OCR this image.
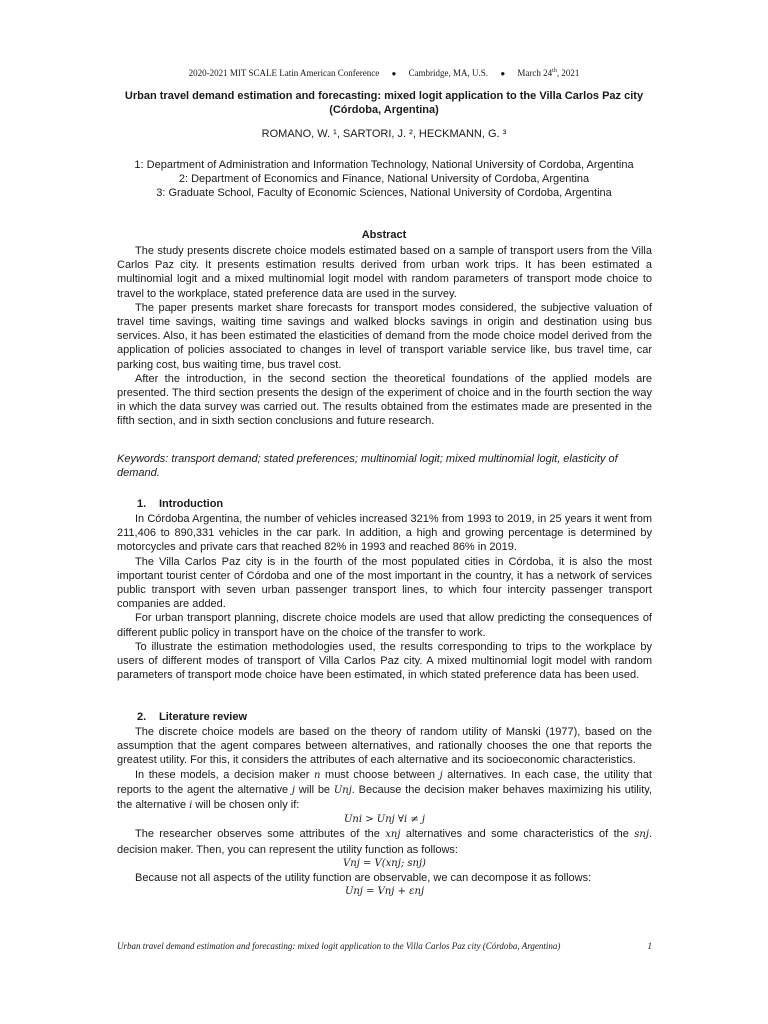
2020-2021 MIT SCALE Latin American Conference ● Cambridge, MA, U.S. ● March 24th, 2021
Urban travel demand estimation and forecasting: mixed logit application to the Villa Carlos Paz city (Córdoba, Argentina)
ROMANO, W. ¹, SARTORI, J. ², HECKMANN, G. ³
1: Department of Administration and Information Technology, National University of Cordoba, Argentina
2: Department of Economics and Finance, National University of Cordoba, Argentina
3: Graduate School, Faculty of Economic Sciences, National University of Cordoba, Argentina
Abstract

The study presents discrete choice models estimated based on a sample of transport users from the Villa Carlos Paz city. It presents estimation results derived from urban work trips. It has been estimated a multinomial logit and a mixed multinomial logit model with random parameters of transport mode choice to travel to the workplace, stated preference data are used in the survey.

The paper presents market share forecasts for transport modes considered, the subjective valuation of travel time savings, waiting time savings and walked blocks savings in origin and destination using bus services. Also, it has been estimated the elasticities of demand from the mode choice model derived from the application of policies associated to changes in level of transport variable service like, bus travel time, car parking cost, bus waiting time, bus travel cost.

After the introduction, in the second section the theoretical foundations of the applied models are presented. The third section presents the design of the experiment of choice and in the fourth section the way in which the data survey was carried out. The results obtained from the estimates made are presented in the fifth section, and in sixth section conclusions and future research.

Keywords: transport demand; stated preferences; multinomial logit; mixed multinomial logit, elasticity of demand.
1. Introduction

In Córdoba Argentina, the number of vehicles increased 321% from 1993 to 2019, in 25 years it went from 211,406 to 890,331 vehicles in the car park. In addition, a high and growing percentage is determined by motorcycles and private cars that reached 82% in 1993 and reached 86% in 2019.

The Villa Carlos Paz city is in the fourth of the most populated cities in Córdoba, it is also the most important tourist center of Córdoba and one of the most important in the country, it has a network of services public transport with seven urban passenger transport lines, to which four intercity passenger transport companies are added.

For urban transport planning, discrete choice models are used that allow predicting the consequences of different public policy in transport have on the choice of the transfer to work.

To illustrate the estimation methodologies used, the results corresponding to trips to the workplace by users of different modes of transport of Villa Carlos Paz city. A mixed multinomial logit model with random parameters of transport mode choice have been estimated, in which stated preference data has been used.

2. Literature review

The discrete choice models are based on the theory of random utility of Manski (1977), based on the assumption that the agent compares between alternatives, and rationally chooses the one that reports the greatest utility. For this, it considers the attributes of each alternative and its socioeconomic characteristics.

In these models, a decision maker n must choose between j alternatives. In each case, the utility that reports to the agent the alternative j will be Unj. Because the decision maker behaves maximizing his utility, the alternative i will be chosen only if:

Uni > Unj ∀i ≠ j

The researcher observes some attributes of the xnj alternatives and some characteristics of the snj. decision maker. Then, you can represent the utility function as follows:

Vnj = V(xnj; snj)

Because not all aspects of the utility function are observable, we can decompose it as follows:

Unj = Vnj + εnj

Urban travel demand estimation and forecasting: mixed logit application to the Villa Carlos Paz city (Córdoba, Argentina)	1
